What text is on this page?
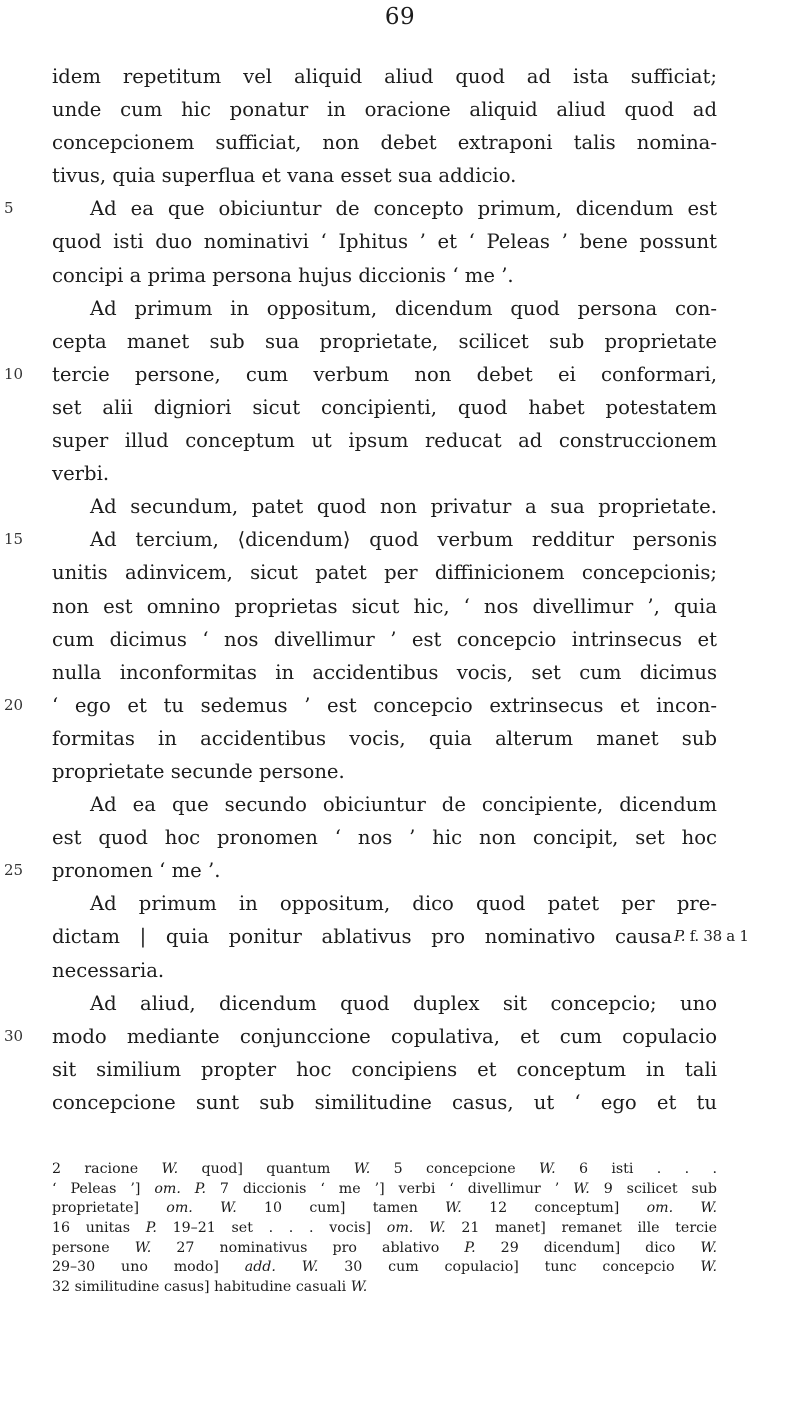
69
idem repetitum vel aliquid aliud quod ad ista sufficiat;
unde cum hic ponatur in oracione aliquid aliud quod ad
concepcionem sufficiat, non debet extraponi talis nomina-
tivus, quia superflua et vana esset sua addicio.
5	Ad ea que obiciuntur de concepto primum, dicendum est
quod isti duo nominativi ‘ Iphitus ’ et ‘ Peleas ’ bene possunt
concipi a prima persona hujus diccionis ‘ me ’.
Ad primum in oppositum, dicendum quod persona con-
cepta manet sub sua proprietate, scilicet sub proprietate
10	tercie persone, cum verbum non debet ei conformari,
set alii digniori sicut concipienti, quod habet potestatem
super illud conceptum ut ipsum reducat ad construccionem
verbi.
Ad secundum, patet quod non privatur a sua proprietate.
15	Ad tercium, ⟨dicendum⟩ quod verbum redditur personis
unitis adinvicem, sicut patet per diffinicionem concepcionis;
non est omnino proprietas sicut hic, ‘ nos divellimur ’, quia
cum dicimus ‘ nos divellimur ’ est concepcio intrinsecus et
nulla inconformitas in accidentibus vocis, set cum dicimus
20	‘ ego et tu sedemus ’ est concepcio extrinsecus et incon-
formitas in accidentibus vocis, quia alterum manet sub
proprietate secunde persone.
Ad ea que secundo obiciuntur de concipiente, dicendum
est quod hoc pronomen ‘ nos ’ hic non concipit, set hoc
25	pronomen ‘ me ’.
Ad primum in oppositum, dico quod patet per pre-
dictam | quia ponitur ablativus pro nominativo causa P. f. 38 a 1
necessaria.
Ad aliud, dicendum quod duplex sit concepcio; uno
30	modo mediante conjunccione copulativa, et cum copulacio
sit similium propter hoc concipiens et conceptum in tali
concepcione sunt sub similitudine casus, ut ‘ ego et tu
2 racione W. quod] quantum W. 5 concepcione W. 6 isti . . .
‘ Peleas ’] om. P. 7 diccionis ‘ me ’] verbi ‘ divellimur ’ W. 9 scilicet sub
proprietate] om. W. 10 cum] tamen W. 12 conceptum] om. W.
16 unitas P. 19–21 set . . . vocis] om. W. 21 manet] remanet ille tercie
persone W. 27 nominativus pro ablativo P. 29 dicendum] dico W.
29–30 uno modo] add. W. 30 cum copulacio] tunc concepcio W.
32 similitudine casus] habitudine casuali W.
